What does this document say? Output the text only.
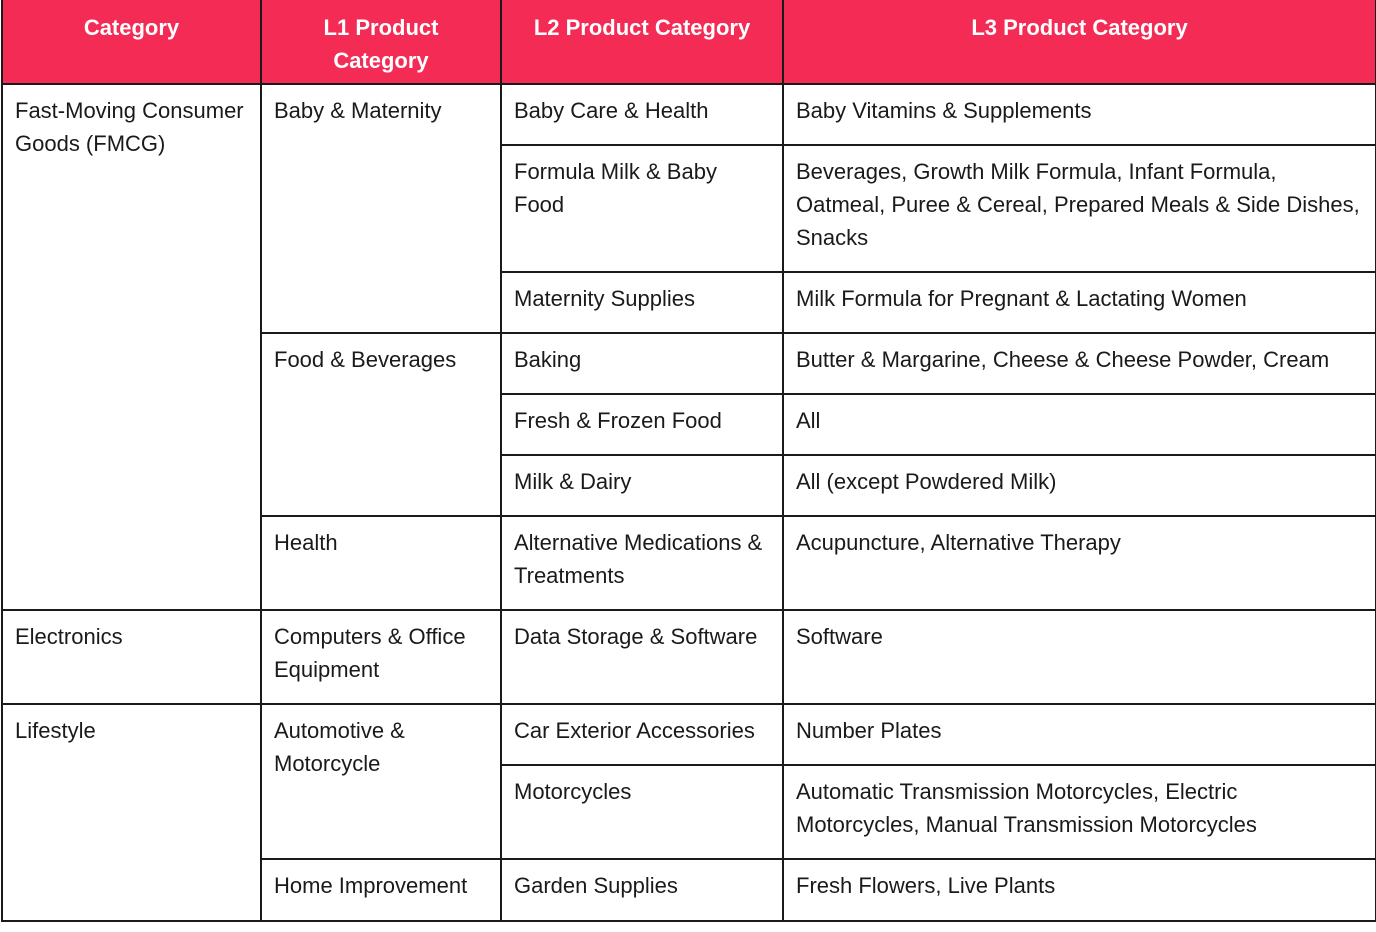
Category	L1 Product Category	L2 Product Category	L3 Product Category
Fast-Moving Consumer Goods (FMCG)	Baby & Maternity	Baby Care & Health	Baby Vitamins & Supplements
		Formula Milk & Baby Food	Beverages, Growth Milk Formula, Infant Formula, Oatmeal, Puree & Cereal, Prepared Meals & Side Dishes, Snacks
		Maternity Supplies	Milk Formula for Pregnant & Lactating Women
	Food & Beverages	Baking	Butter & Margarine, Cheese & Cheese Powder, Cream
		Fresh & Frozen Food	All
		Milk & Dairy	All (except Powdered Milk)
	Health	Alternative Medications & Treatments	Acupuncture, Alternative Therapy
Electronics	Computers & Office Equipment	Data Storage & Software	Software
Lifestyle	Automotive & Motorcycle	Car Exterior Accessories	Number Plates
		Motorcycles	Automatic Transmission Motorcycles, Electric Motorcycles, Manual Transmission Motorcycles
	Home Improvement	Garden Supplies	Fresh Flowers, Live Plants
